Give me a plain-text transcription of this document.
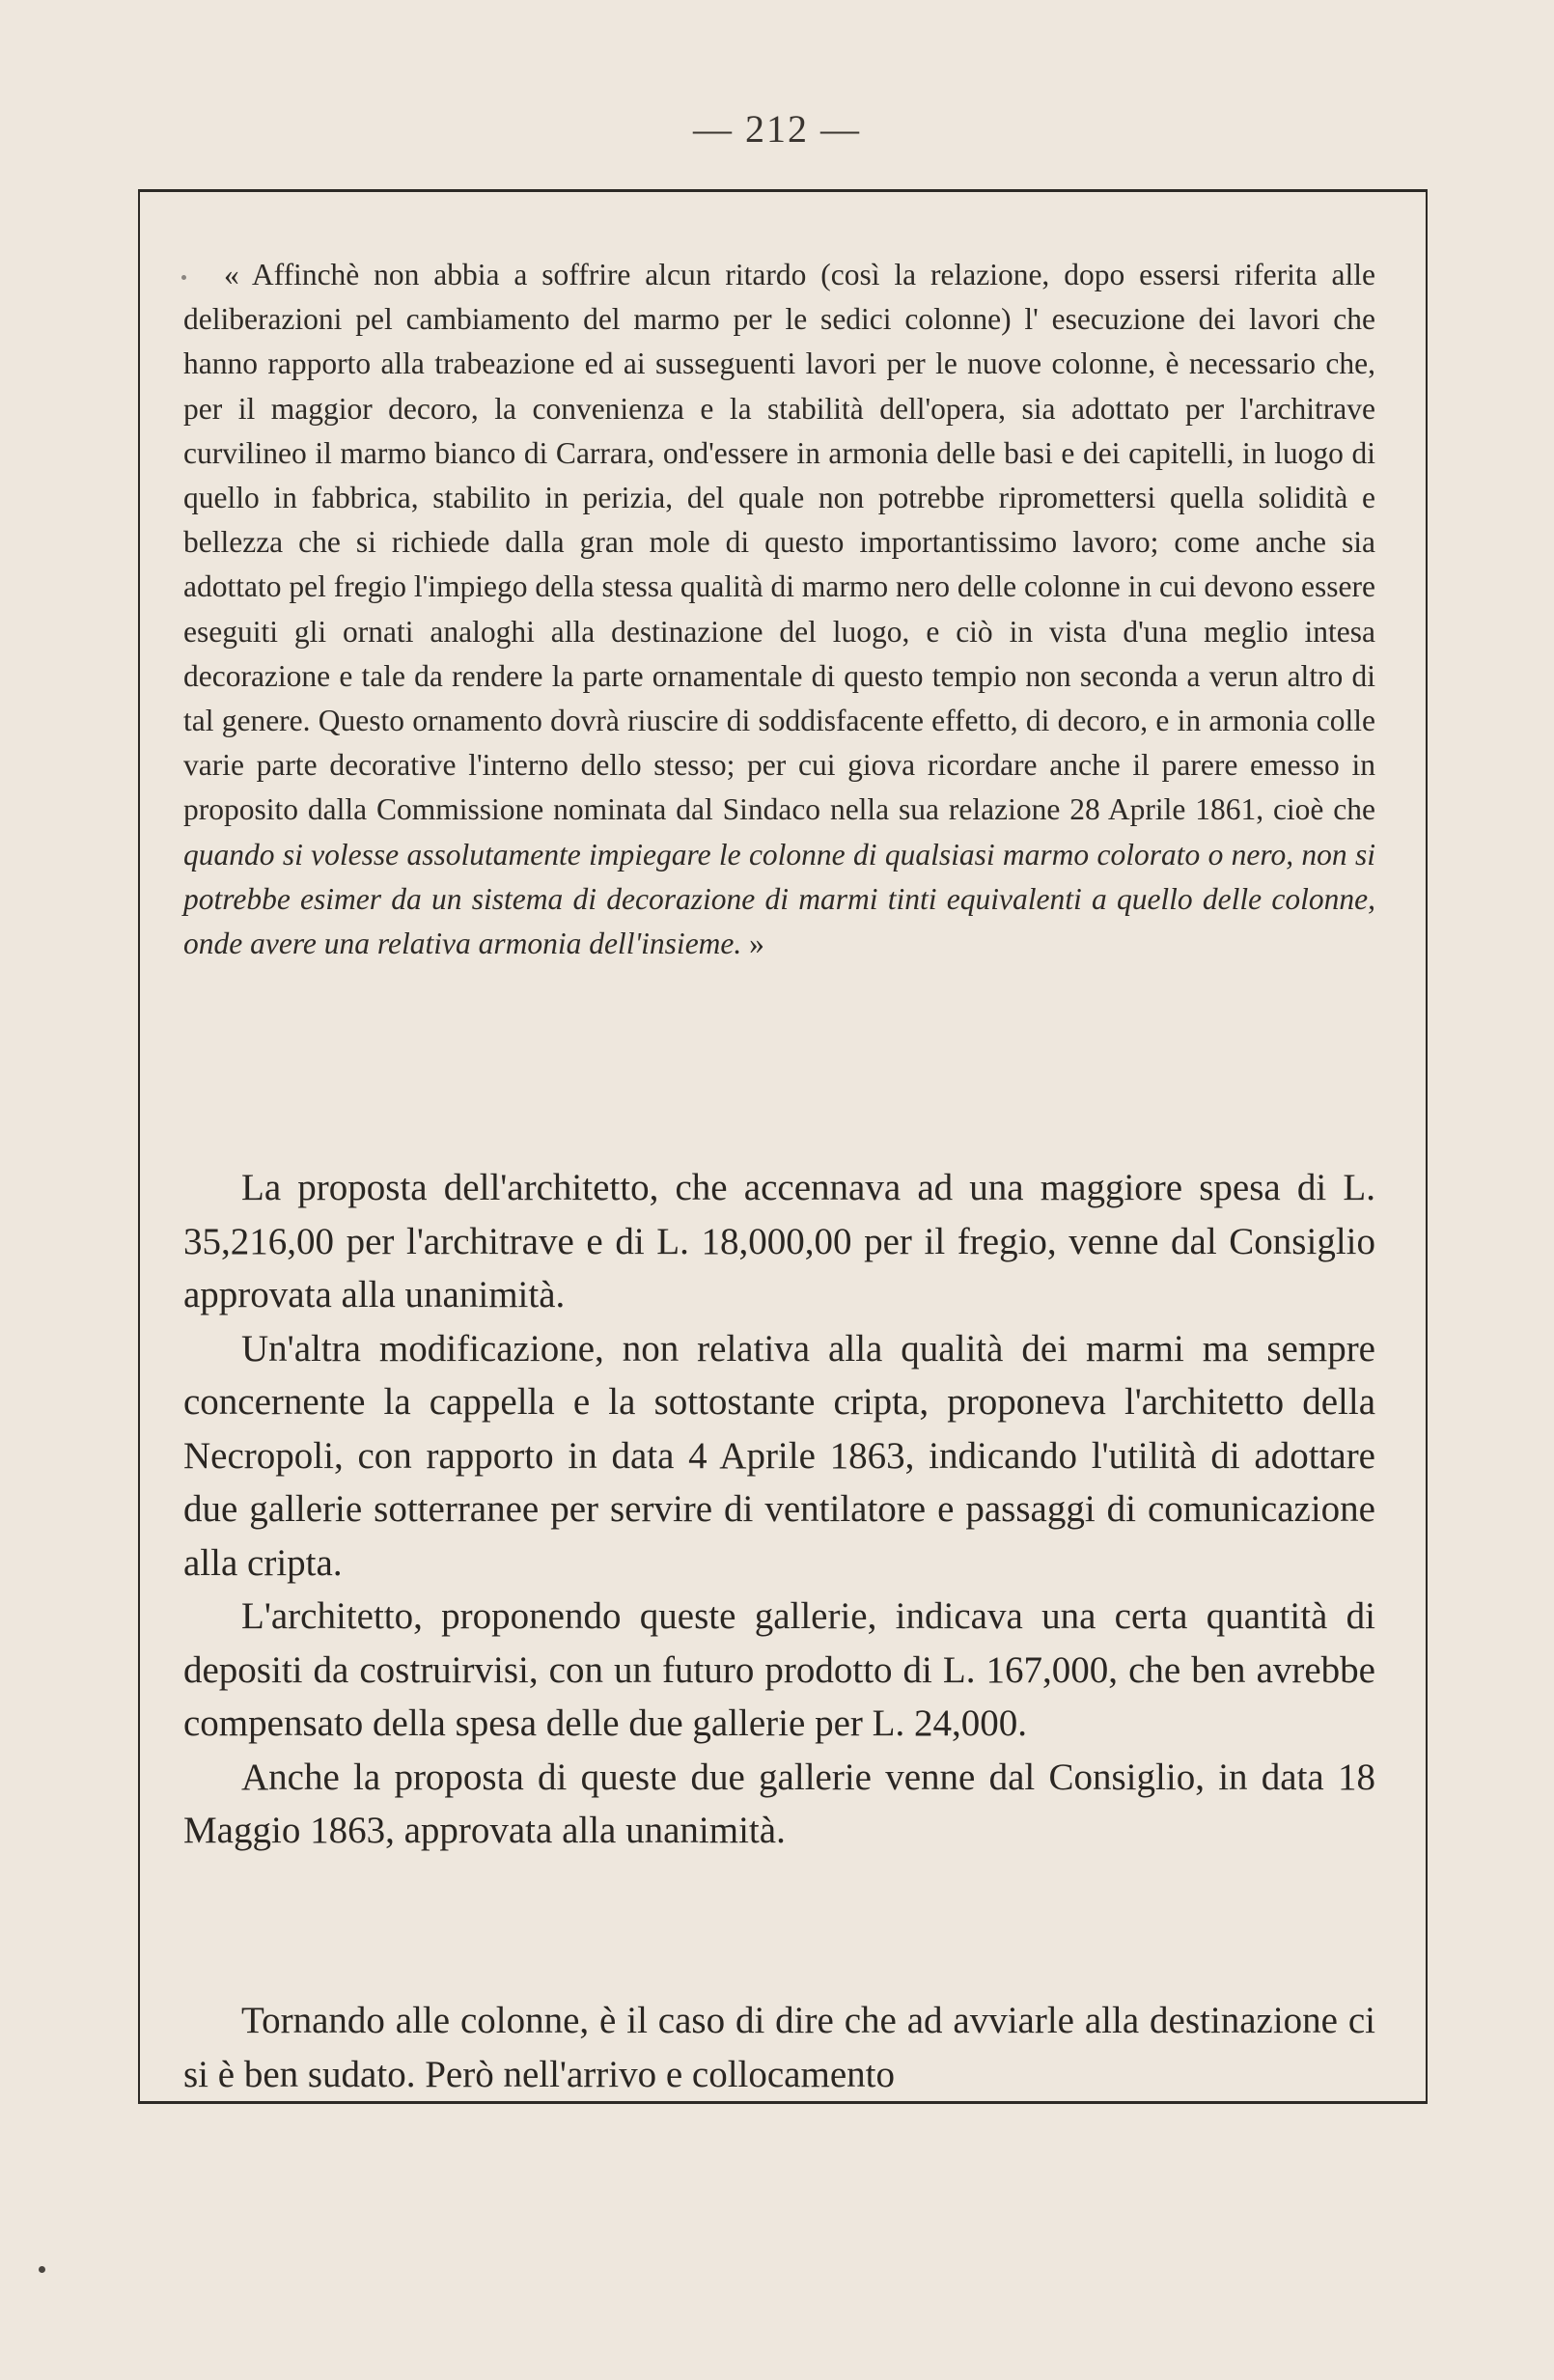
— 212 —

« Affinchè non abbia a soffrire alcun ritardo (così la relazione, dopo essersi riferita alle deliberazioni pel cambiamento del marmo per le sedici colonne) l' esecuzione dei lavori che hanno rapporto alla trabeazione ed ai susseguenti lavori per le nuove colonne, è necessario che, per il maggior decoro, la convenienza e la stabilità dell'opera, sia adottato per l'architrave curvilineo il marmo bianco di Carrara, ond'essere in armonia delle basi e dei capitelli, in luogo di quello in fabbrica, stabilito in perizia, del quale non potrebbe ripromettersi quella solidità e bellezza che si richiede dalla gran mole di questo importantissimo lavoro; come anche sia adottato pel fregio l'impiego della stessa qualità di marmo nero delle colonne in cui devono essere eseguiti gli ornati analoghi alla destinazione del luogo, e ciò in vista d'una meglio intesa decorazione e tale da rendere la parte ornamentale di questo tempio non seconda a verun altro di tal genere. Questo ornamento dovrà riuscire di soddisfacente effetto, di decoro, e in armonia colle varie parte decorative l'interno dello stesso; per cui giova ricordare anche il parere emesso in proposito dalla Commissione nominata dal Sindaco nella sua relazione 28 Aprile 1861, cioè che quando si volesse assolutamente impiegare le colonne di qualsiasi marmo colorato o nero, non si potrebbe esimer da un sistema di decorazione di marmi tinti equivalenti a quello delle colonne, onde avere una relativa armonia dell'insieme. »

La proposta dell'architetto, che accennava ad una maggiore spesa di L. 35,216,00 per l'architrave e di L. 18,000,00 per il fregio, venne dal Consiglio approvata alla unanimità.

Un'altra modificazione, non relativa alla qualità dei marmi ma sempre concernente la cappella e la sottostante cripta, proponeva l'architetto della Necropoli, con rapporto in data 4 Aprile 1863, indicando l'utilità di adottare due gallerie sotterranee per servire di ventilatore e passaggi di comunicazione alla cripta.

L'architetto, proponendo queste gallerie, indicava una certa quantità di depositi da costruirvisi, con un futuro prodotto di L. 167,000, che ben avrebbe compensato della spesa delle due gallerie per L. 24,000.

Anche la proposta di queste due gallerie venne dal Consiglio, in data 18 Maggio 1863, approvata alla unanimità.

Tornando alle colonne, è il caso di dire che ad avviarle alla destinazione ci si è ben sudato. Però nell'arrivo e collocamento
